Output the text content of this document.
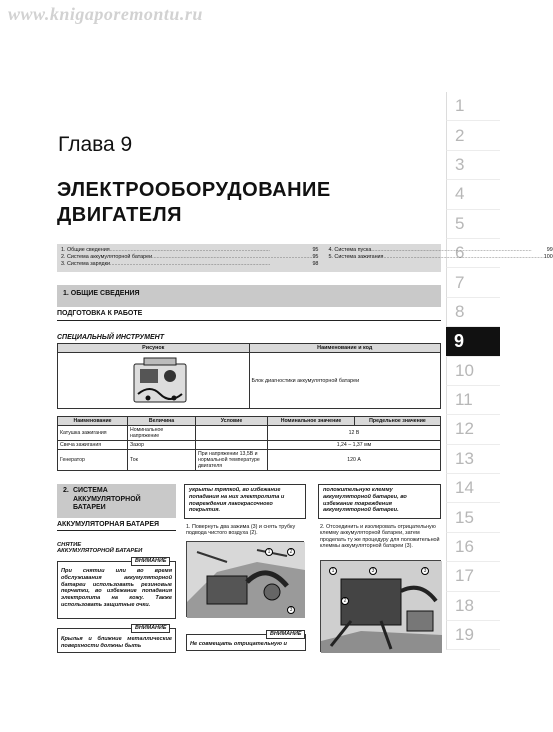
www.knigaporemontu.ru
1
2
3
4
5
6
7
8
9
10
11
12
13
14
15
16
17
18
19
Глава 9
ЭЛЕКТРООБОРУДОВАНИЕ
ДВИГАТЕЛЯ
1. Общие сведения .....	95
2. Система аккумуляторной батареи .....	95
3. Система зарядки .....	98
4. Система пуска .....	99
5. Система зажигания .....	100
1. ОБЩИЕ СВЕДЕНИЯ
ПОДГОТОВКА К РАБОТЕ
СПЕЦИАЛЬНЫЙ ИНСТРУМЕНТ
Рисунок	Наименование и код

	Блок диагностики аккумуляторной батареи
Наименование	Величина	Условие	Номинальное значение	Предельное значение
Катушка зажигания	Номинальное напряжение		12 В	
Свеча зажигания	Зазор		1,24 – 1,37 мм	
Генератор	Ток	При напряжении 13,5В и нормальной температуре двигателя	120 А	
2. СИСТЕМА АККУМУЛЯТОРНОЙ БАТАРЕИ
АККУМУЛЯТОРНАЯ БАТАРЕЯ
СНЯТИЕ
АККУМУЛЯТОРНОЙ БАТАРЕИ
При снятии или во время обслуживания аккумуляторной батареи использовать резиновые перчатки, во избежание попадания электролита на кожу. Также использовать защитные очки.
ВНИМАНИЕ
Крылья и ближние металлические поверхности должны быть
ВНИМАНИЕ
укрыты тряпкой, во избежание попадания на них электролита и повреждения лакокрасочного покрытия.
1. Повернуть два зажима (3) и снять трубку подвода чистого воздуха (2).
1	2
3
Не совмещать отрицательную и
ВНИМАНИЕ
положительную клемму аккумуляторной батареи, во избежание повреждения аккумуляторной батареи.
2. Отсоединить и изолировать отрицательную клемму аккумуляторной батареи, затем проделать ту же процедуру для положительной клеммы аккумуляторной батареи (3).
1
2
3	3
